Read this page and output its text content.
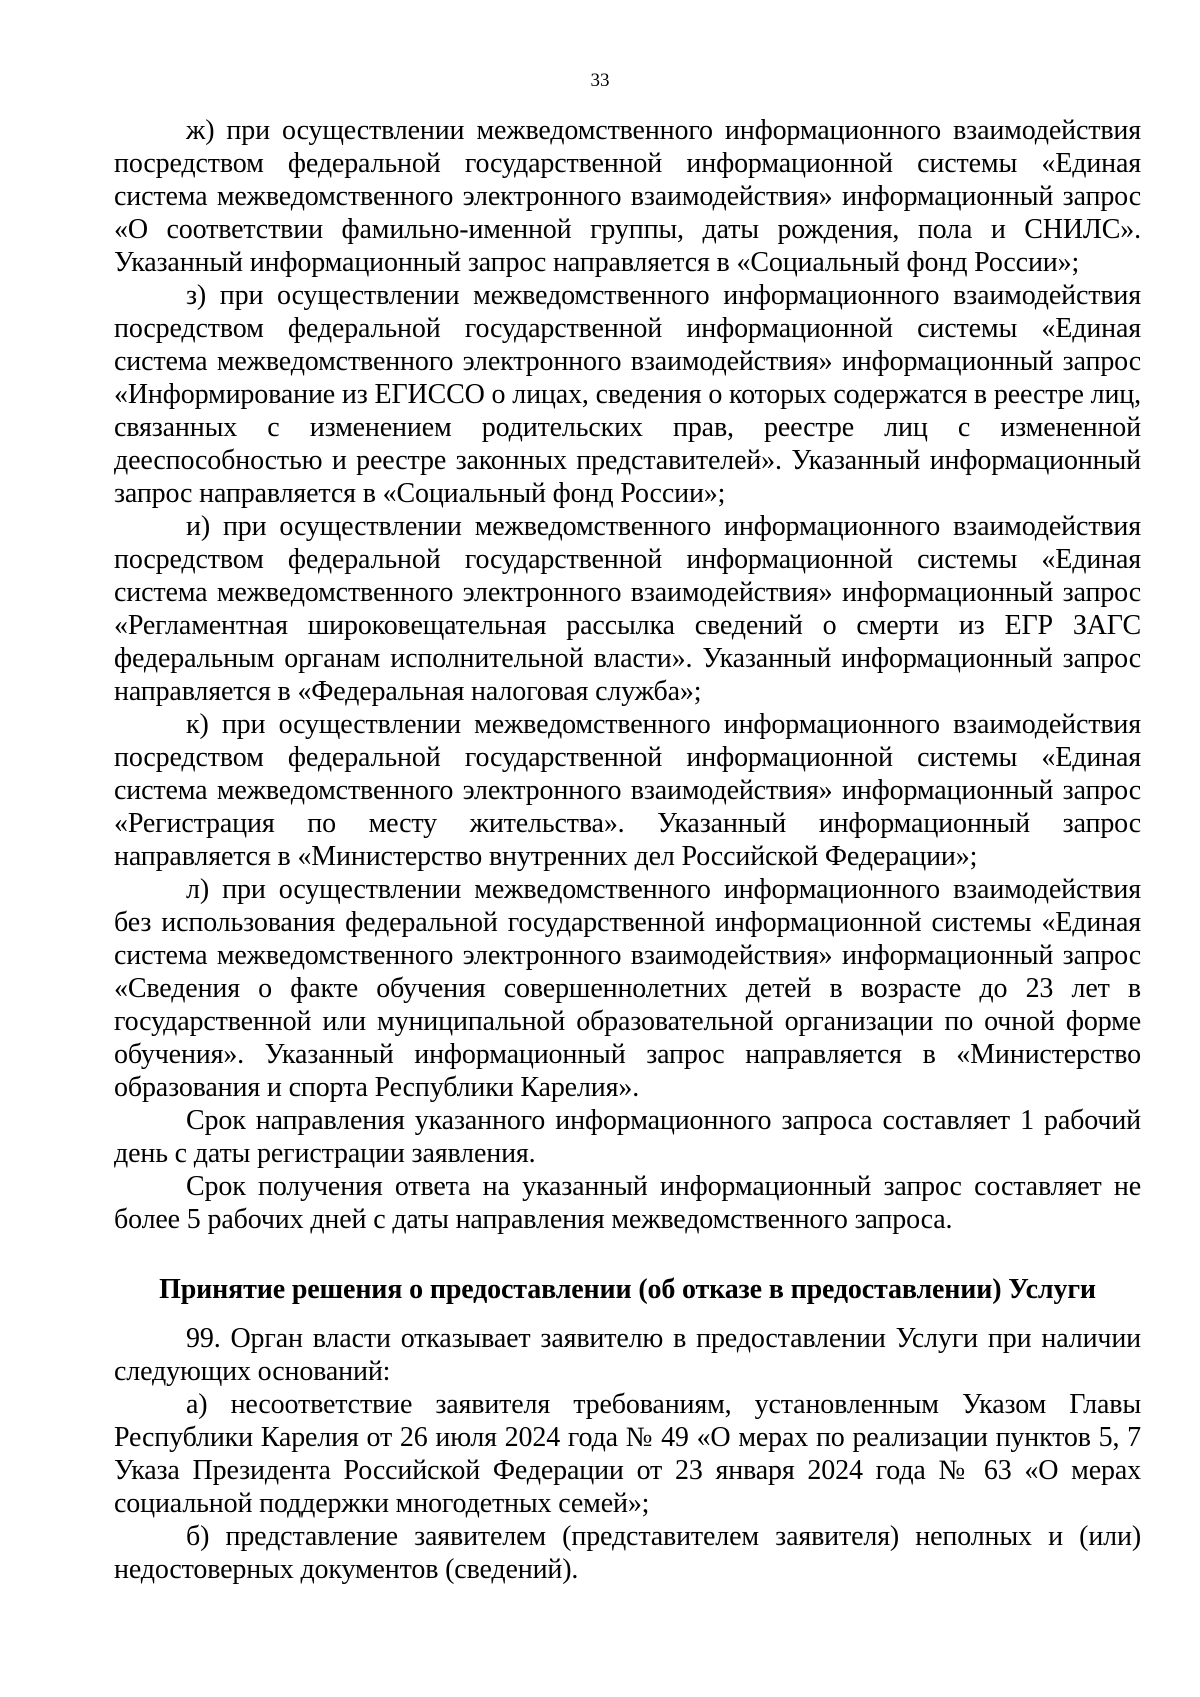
33

ж) при осуществлении межведомственного информационного взаимодействия посредством федеральной государственной информационной системы «Единая система межведомственного электронного взаимодействия» информационный запрос «О соответствии фамильно-именной группы, даты рождения, пола и СНИЛС». Указанный информационный запрос направляется в «Социальный фонд России»;

з) при осуществлении межведомственного информационного взаимодействия посредством федеральной государственной информационной системы «Единая система межведомственного электронного взаимодействия» информационный запрос «Информирование из ЕГИССО о лицах, сведения о которых содержатся в реестре лиц, связанных с изменением родительских прав, реестре лиц с измененной дееспособностью и реестре законных представителей». Указанный информационный запрос направляется в «Социальный фонд России»;

и) при осуществлении межведомственного информационного взаимодействия посредством федеральной государственной информационной системы «Единая система межведомственного электронного взаимодействия» информационный запрос «Регламентная широковещательная рассылка сведений о смерти из ЕГР ЗАГС федеральным органам исполнительной власти». Указанный информационный запрос направляется в «Федеральная налоговая служба»;

к) при осуществлении межведомственного информационного взаимодействия посредством федеральной государственной информационной системы «Единая система межведомственного электронного взаимодействия» информационный запрос «Регистрация по месту жительства». Указанный информационный запрос направляется в «Министерство внутренних дел Российской Федерации»;

л) при осуществлении межведомственного информационного взаимодействия без использования федеральной государственной информационной системы «Единая система межведомственного электронного взаимодействия» информационный запрос «Сведения о факте обучения совершеннолетних детей в возрасте до 23 лет в государственной или муниципальной образовательной организации по очной форме обучения». Указанный информационный запрос направляется в «Министерство образования и спорта Республики Карелия».

Срок направления указанного информационного запроса составляет 1 рабочий день с даты регистрации заявления.

Срок получения ответа на указанный информационный запрос составляет не более 5 рабочих дней с даты направления межведомственного запроса.

Принятие решения о предоставлении (об отказе в предоставлении) Услуги

99. Орган власти отказывает заявителю в предоставлении Услуги при наличии следующих оснований:

а) несоответствие заявителя требованиям, установленным Указом Главы Республики Карелия от 26 июля 2024 года № 49 «О мерах по реализации пунктов 5, 7 Указа Президента Российской Федерации от 23 января 2024 года № 63 «О мерах социальной поддержки многодетных семей»;

б) представление заявителем (представителем заявителя) неполных и (или) недостоверных документов (сведений).
